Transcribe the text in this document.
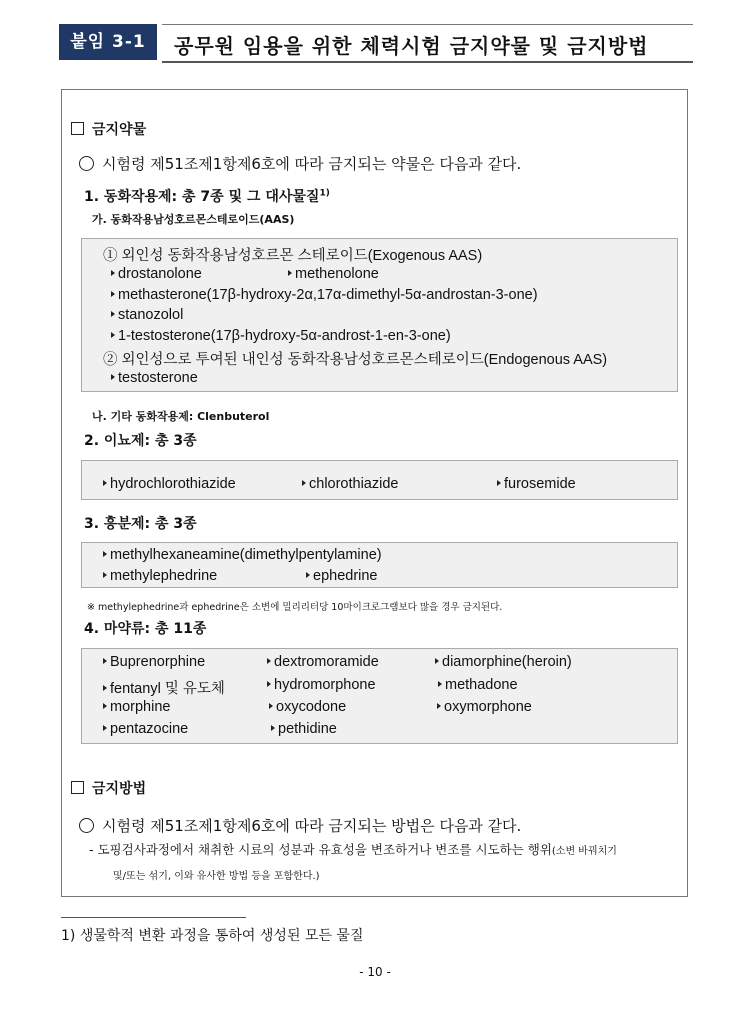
붙임 3-1	공무원 임용을 위한 체력시험 금지약물 및 금지방법
금지약물
시험령 제51조제1항제6호에 따라 금지되는 약물은 다음과 같다.
1. 동화작용제: 총 7종 및 그 대사물질$^{1)}$
가. 동화작용남성호르몬스테로이드(AAS)
① 외인성 동화작용남성호르몬 스테로이드(Exogenous AAS)
drostanolone	methenolone
methasterone(17β-hydroxy-2α,17α-dimethyl-5α-androstan-3-one)
stanozolol
1-testosterone(17β-hydroxy-5α-androst-1-en-3-one)
② 외인성으로 투여된 내인성 동화작용남성호르몬스테로이드(Endogenous AAS)
testosterone
나. 기타 동화작용제: Clenbuterol
2. 이뇨제: 총 3종
hydrochlorothiazide	chlorothiazide	furosemide
3. 흥분제: 총 3종
methylhexaneamine(dimethylpentylamine)
methylephedrine	ephedrine
※ methylephedrine과 ephedrine은 소변에 밀리리터당 10마이크로그램보다 많을 경우 금지된다.
4. 마약류: 총 11종
Buprenorphine	dextromoramide	diamorphine(heroin)
fentanyl 및 유도체	hydromorphone	methadone
morphine	oxycodone	oxymorphone
pentazocine	pethidine
금지방법
시험령 제51조제1항제6호에 따라 금지되는 방법은 다음과 같다.
- 도핑검사과정에서 채취한 시료의 성분과 유효성을 변조하거나 변조를 시도하는 행위(소변 바꿔치기
및/또는 섞기, 이와 유사한 방법 등을 포함한다.)
1) 생물학적 변환 과정을 통하여 생성된 모든 물질
- 10 -
